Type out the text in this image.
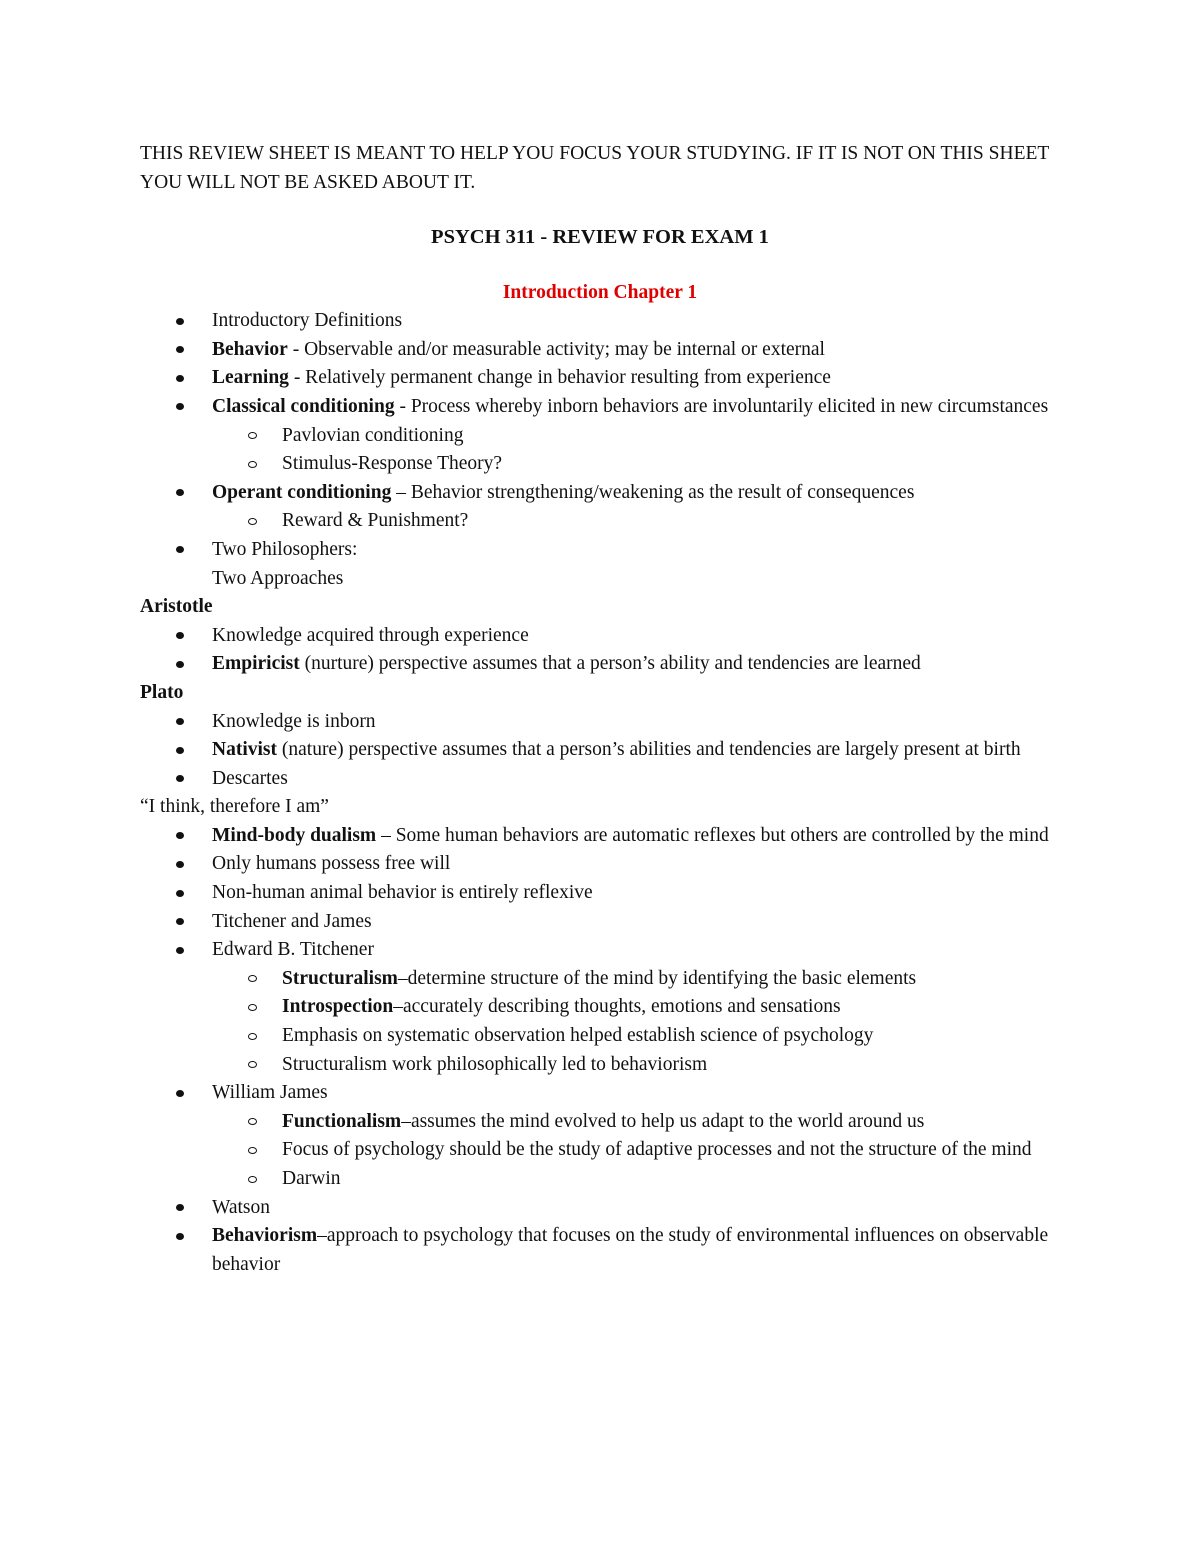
THIS REVIEW SHEET IS MEANT TO HELP YOU FOCUS YOUR STUDYING. IF IT IS NOT ON THIS SHEET YOU WILL NOT BE ASKED ABOUT IT.

PSYCH 311 - REVIEW FOR EXAM 1
Introduction Chapter 1
Introductory Definitions
Behavior - Observable and/or measurable activity; may be internal or external
Learning - Relatively permanent change in behavior resulting from experience
Classical conditioning - Process whereby inborn behaviors are involuntarily elicited in new circumstances
Pavlovian conditioning
Stimulus-Response Theory?
Operant conditioning – Behavior strengthening/weakening as the result of consequences
Reward & Punishment?
Two Philosophers:
Two Approaches
Aristotle
Knowledge acquired through experience
Empiricist (nurture) perspective assumes that a person’s ability and tendencies are learned
Plato
Knowledge is inborn
Nativist (nature) perspective assumes that a person’s abilities and tendencies are largely present at birth
Descartes
“I think, therefore I am”
Mind-body dualism – Some human behaviors are automatic reflexes but others are controlled by the mind
Only humans possess free will
Non-human animal behavior is entirely reflexive
Titchener and James
Edward B. Titchener
Structuralism–determine structure of the mind by identifying the basic elements
Introspection–accurately describing thoughts, emotions and sensations
Emphasis on systematic observation helped establish science of psychology
Structuralism work philosophically led to behaviorism
William James
Functionalism–assumes the mind evolved to help us adapt to the world around us
Focus of psychology should be the study of adaptive processes and not the structure of the mind
Darwin
Watson
Behaviorism–approach to psychology that focuses on the study of environmental influences on observable behavior
